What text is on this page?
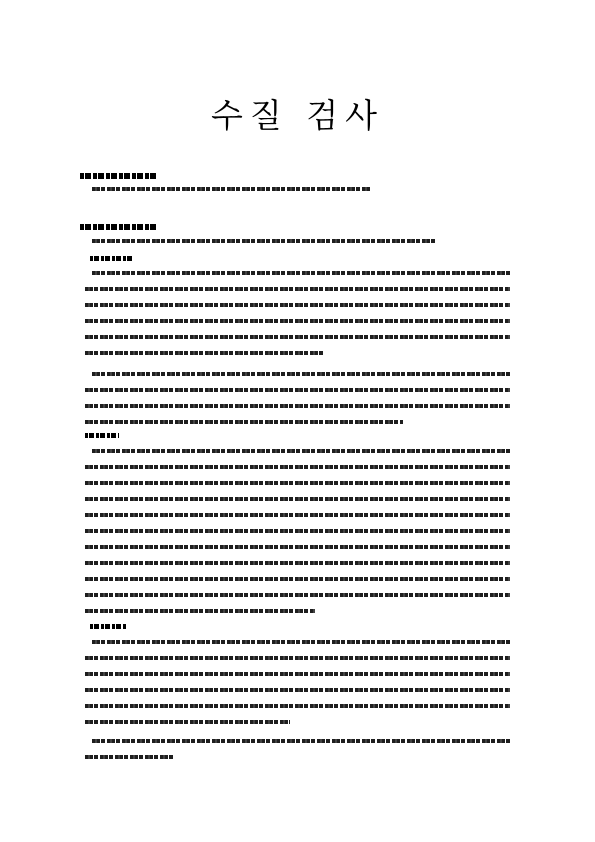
수질 검사
